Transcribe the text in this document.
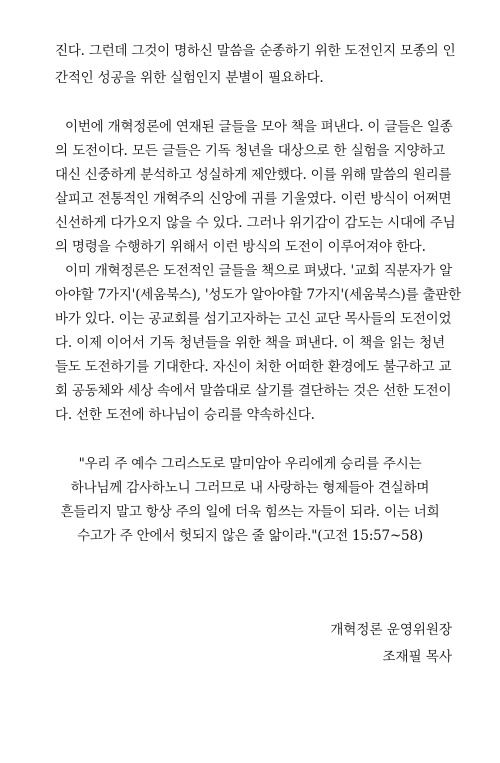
진다. 그런데 그것이 명하신 말씀을 순종하기 위한 도전인지 모종의 인
간적인 성공을 위한 실험인지 분별이 필요하다.
이번에 개혁정론에 연재된 글들을 모아 책을 펴낸다. 이 글들은 일종
의 도전이다. 모든 글들은 기독 청년을 대상으로 한 실험을 지양하고
대신 신중하게 분석하고 성실하게 제안했다. 이를 위해 말씀의 원리를
살피고 전통적인 개혁주의 신앙에 귀를 기울였다. 이런 방식이 어쩌면
신선하게 다가오지 않을 수 있다. 그러나 위기감이 감도는 시대에 주님
의 명령을 수행하기 위해서 이런 방식의 도전이 이루어져야 한다.
이미 개혁정론은 도전적인 글들을 책으로 펴냈다. '교회 직분자가 알
아야할 7가지'(세움북스), '성도가 알아야할 7가지'(세움북스)를 출판한
바가 있다. 이는 공교회를 섬기고자하는 고신 교단 목사들의 도전이었
다. 이제 이어서 기독 청년들을 위한 책을 펴낸다. 이 책을 읽는 청년
들도 도전하기를 기대한다. 자신이 처한 어떠한 환경에도 불구하고 교
회 공동체와 세상 속에서 말씀대로 살기를 결단하는 것은 선한 도전이
다. 선한 도전에 하나님이 승리를 약속하신다.
"우리 주 예수 그리스도로 말미암아 우리에게 승리를 주시는
하나님께 감사하노니 그러므로 내 사랑하는 형제들아 견실하며
흔들리지 말고 항상 주의 일에 더욱 힘쓰는 자들이 되라. 이는 너희
수고가 주 안에서 헛되지 않은 줄 앎이라."(고전 15:57~58)
개혁정론 운영위원장
조재필 목사
